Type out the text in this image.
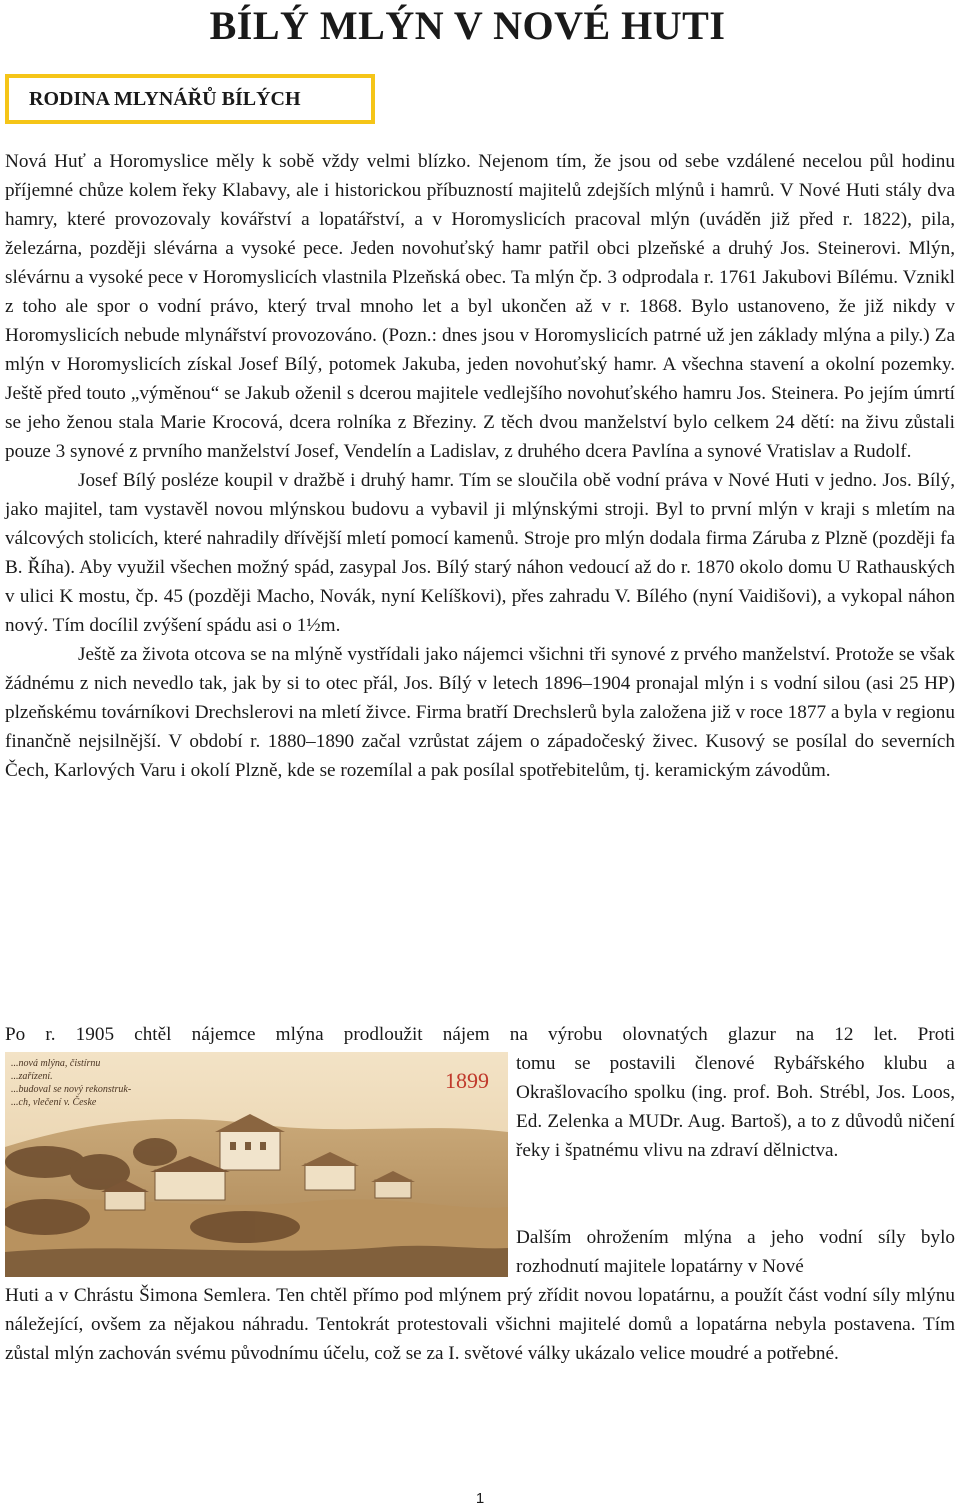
BÍLÝ MLÝN V NOVÉ HUTI
RODINA MLYNÁŘŮ BÍLÝCH

Nová Huť a Horomyslice měly k sobě vždy velmi blízko. Nejenom tím, že jsou od sebe vzdálené necelou půl hodinu příjemné chůze kolem řeky Klabavy, ale i historickou příbuzností majitelů zdejších mlýnů i hamrů. V Nové Huti stály dva hamry, které provozovaly kovářství a lopatářství, a v Horomyslicích pracoval mlýn (uváděn již před r. 1822), pila, železárna, později slévárna a vysoké pece. Jeden novohuťský hamr patřil obci plzeňské a druhý Jos. Steinerovi. Mlýn, slévárnu a vysoké pece v Horomyslicích vlastnila Plzeňská obec. Ta mlýn čp. 3 odprodala r. 1761 Jakubovi Bílému. Vznikl z toho ale spor o vodní právo, který trval mnoho let a byl ukončen až v r. 1868. Bylo ustanoveno, že již nikdy v Horomyslicích nebude mlynářství provozováno. (Pozn.: dnes jsou v Horomyslicích patrné už jen základy mlýna a pily.) Za mlýn v Horomyslicích získal Josef Bílý, potomek Jakuba, jeden novohuťský hamr. A všechna stavení a okolní pozemky. Ještě před touto „výměnou“ se Jakub oženil s dcerou majitele vedlejšího novohuťského hamru Jos. Steinera. Po jejím úmrtí se jeho ženou stala Marie Krocová, dcera rolníka z Březiny. Z těch dvou manželství bylo celkem 24 dětí: na živu zůstali pouze 3 synové z prvního manželství Josef, Vendelín a Ladislav, z druhého dcera Pavlína a synové Vratislav a Rudolf.

Josef Bílý posléze koupil v dražbě i druhý hamr. Tím se sloučila obě vodní práva v Nové Huti v jedno. Jos. Bílý, jako majitel, tam vystavěl novou mlýnskou budovu a vybavil ji mlýnskými stroji. Byl to první mlýn v kraji s mletím na válcových stolicích, které nahradily dřívější mletí pomocí kamenů. Stroje pro mlýn dodala firma Záruba z Plzně (později fa B. Říha). Aby využil všechen možný spád, zasypal Jos. Bílý starý náhon vedoucí až do r. 1870 okolo domu U Rathauských v ulici K mostu, čp. 45 (později Macho, Novák, nyní Kelíškovi), přes zahradu V. Bílého (nyní Vaidišovi), a vykopal náhon nový. Tím docílil zvýšení spádu asi o 1½m.

Ještě za života otcova se na mlýně vystřídali jako nájemci všichni tři synové z prvého manželství. Protože se však žádnému z nich nevedlo tak, jak by si to otec přál, Jos. Bílý v letech 1896–1904 pronajal mlýn i s vodní silou (asi 25 HP) plzeňskému továrníkovi Drechslerovi na mletí živce. Firma bratří Drechslerů byla založena již v roce 1877 a byla v regionu finančně nejsilnější. V období r. 1880–1890 začal vzrůstat zájem o západočeský živec. Kusový se posílal do severních Čech, Karlových Varu i okolí Plzně, kde se rozemílal a pak posílal spotřebitelům, tj. keramickým závodům.

Po r. 1905 chtěl nájemce mlýna prodloužit nájem na výrobu olovnatých glazur na 12 let. Proti

...nová mlýna, čistírnu
...zařízení.
...budoval se nový rekonstruk-
...ch, vlečení v. Česke
1899

tomu se postavili členové Rybářského klubu a Okrašlovacího spolku (ing. prof. Boh. Strébl, Jos. Loos, Ed. Zelenka a MUDr. Aug. Bartoš), a to z důvodů ničení řeky i špatnému vlivu na zdraví dělnictva.

Dalším ohrožením mlýna a jeho vodní síly bylo rozhodnutí majitele lopatárny v Nové

Huti a v Chrástu Šimona Semlera. Ten chtěl přímo pod mlýnem prý zřídit novou lopatárnu, a použít část vodní síly mlýnu náležející, ovšem za nějakou náhradu. Tentokrát protestovali všichni majitelé domů a lopatárna nebyla postavena. Tím zůstal mlýn zachován svému původnímu účelu, což se za I. světové války ukázalo velice moudré a potřebné.

1
